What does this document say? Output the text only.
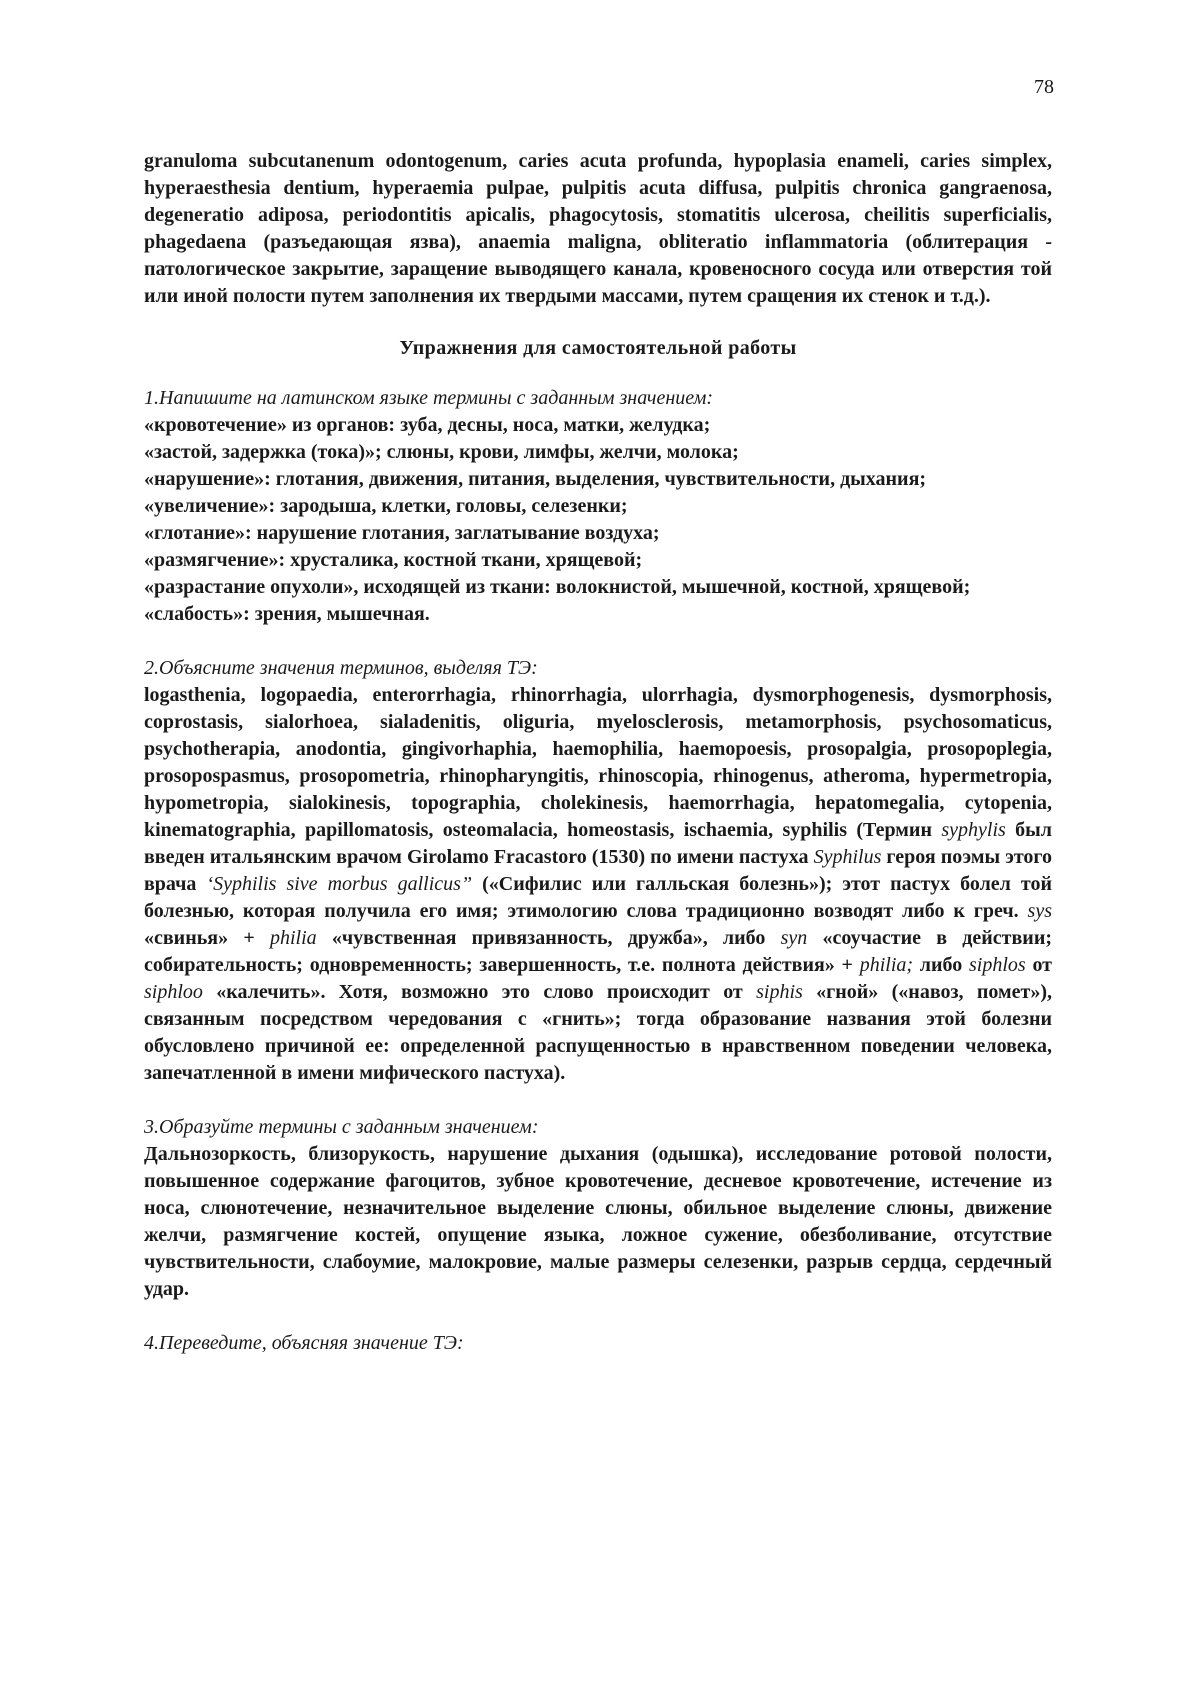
78

granuloma subcutanenum odontogenum, caries acuta profunda, hypoplasia enameli, caries simplex, hyperaesthesia dentium, hyperaemia pulpae, pulpitis acuta diffusa, pulpitis chronica gangraenosa, degeneratio adiposa, periodontitis apicalis, phagocytosis, stomatitis ulcerosa, cheilitis superficialis, phagedaena (разъедающая язва), anaemia maligna, obliteratio inflammatoria (облитерация - патологическое закрытие, заращение выводящего канала, кровеносного сосуда или отверстия той или иной полости путем заполнения их твердыми массами, путем сращения их стенок и т.д.).

Упражнения для самостоятельной работы

1.Напишите на латинском языке термины с заданным значением:

«кровотечение» из органов: зуба, десны, носа, матки, желудка;

«застой, задержка (тока)»; слюны, крови, лимфы, желчи, молока;

«нарушение»: глотания, движения, питания, выделения, чувствительности, дыхания;

«увеличение»: зародыша, клетки, головы, селезенки;

«глотание»: нарушение глотания, заглатывание воздуха;

«размягчение»: хрусталика, костной ткани, хрящевой;

«разрастание опухоли», исходящей из ткани: волокнистой, мышечной, костной, хрящевой;

«слабость»: зрения, мышечная.

2.Объясните значения терминов, выделяя ТЭ:

logasthenia, logopaedia, enterorrhagia, rhinorrhagia, ulorrhagia, dysmorphogenesis, dysmorphosis, coprostasis, sialorhoea, sialadenitis, oliguria, myelosclerosis, metamorphosis, psychosomaticus, psychotherapia, anodontia, gingivorhaphia, haemophilia, haemopoesis, prosopalgia, prosopoplegia, prosopospasmus, prosopometria, rhinopharyngitis, rhinoscopia, rhinogenus, atheroma, hypermetropia, hypometropia, sialokinesis, topographia, cholekinesis, haemorrhagia, hepatomegalia, cytopenia, kinematographia, papillomatosis, osteomalacia, homeostasis, ischaemia, syphilis (Термин syphylis был введен итальянским врачом Girolamo Fracastoro (1530) по имени пастуха Syphilus героя поэмы этого врача ‘Syphilis sive morbus gallicus” («Сифилис или галльская болезнь»); этот пастух болел той болезнью, которая получила его имя; этимологию слова традиционно возводят либо к греч. sys «свинья» + philia «чувственная привязанность, дружба», либо syn «соучастие в действии; собирательность; одновременность; завершенность, т.е. полнота действия» + philia; либо siphlos от siphloo «калечить». Хотя, возможно это слово происходит от siphis «гной» («навоз, помет»), связанным посредством чередования с «гнить»; тогда образование названия этой болезни обусловлено причиной ее: определенной распущенностью в нравственном поведении человека, запечатленной в имени мифического пастуха).

3.Образуйте термины с заданным значением:

Дальнозоркость, близорукость, нарушение дыхания (одышка), исследование ротовой полости, повышенное содержание фагоцитов, зубное кровотечение, десневое кровотечение, истечение из носа, слюнотечение, незначительное выделение слюны, обильное выделение слюны, движение желчи, размягчение костей, опущение языка, ложное сужение, обезболивание, отсутствие чувствительности, слабоумие, малокровие, малые размеры селезенки, разрыв сердца, сердечный удар.

4.Переведите, объясняя значение ТЭ:
